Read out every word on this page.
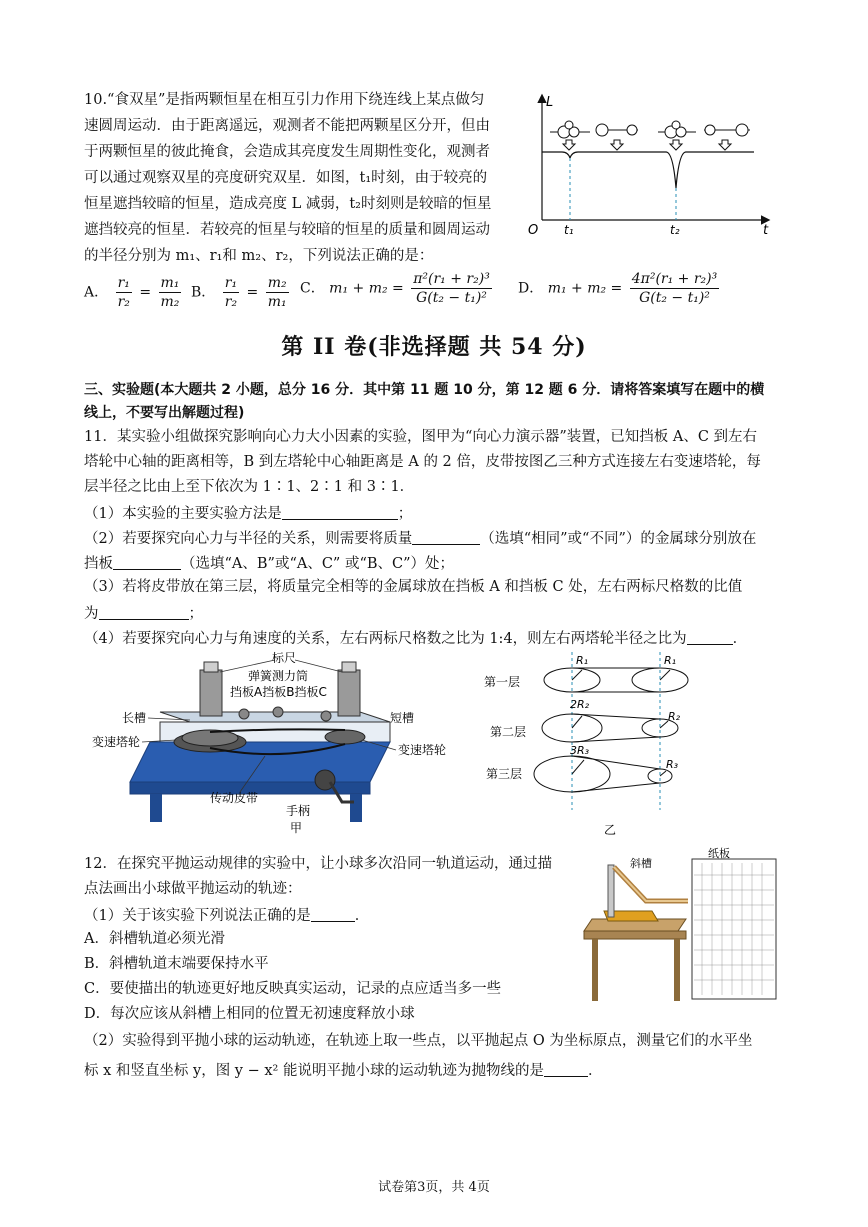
10.“食双星”是指两颗恒星在相互引力作用下绕连线上某点做匀
速圆周运动．由于距离遥远，观测者不能把两颗星区分开，但由
于两颗恒星的彼此掩食，会造成其亮度发生周期性变化，观测者
可以通过观察双星的亮度研究双星．如图，t₁时刻，由于较亮的
恒星遮挡较暗的恒星，造成亮度 L 减弱，t₂时刻则是较暗的恒星
遮挡较亮的恒星．若较亮的恒星与较暗的恒星的质量和圆周运动
的半径分别为 m₁、r₁和 m₂、r₂，下列说法正确的是：
L
t
O t₁	t₂
A． $\frac{\text{r₁}}{\text{r₂}} = \frac{\text{m₁}}{\text{m₂}}$ B． $\frac{\text{r₁}}{\text{r₂}} = \frac{\text{m₂}}{\text{m₁}}$ C． $m_1 + m_2 = \frac{\text{π²(r₁ + r₂)³}}{\text{G(t₂ − t₁)²}}$ D． $m_1 + m_2 = \frac{\text{4π²(r₁ + r₂)³}}{\text{G(t₂ − t₁)²}}$
第 II 卷(非选择题 共 54 分)
三、实验题(本大题共 2 小题，总分 16 分．其中第 11 题 10 分，第 12 题 6 分．请将答案填写在题中的横
线上，不要写出解题过程)
11．某实验小组做探究影响向心力大小因素的实验，图甲为“向心力演示器”装置，已知挡板 A、C 到左右
塔轮中心轴的距离相等，B 到左塔轮中心轴距离是 A 的 2 倍，皮带按图乙三种方式连接左右变速塔轮，每
层半径之比由上至下依次为 1∶1、2∶1 和 3∶1．
（1）本实验的主要实验方法是	；
（2）若要探究向心力与半径的关系，则需要将质量	（选填“相同”或“不同”）的金属球分别放在
挡板	（选填“A、B”或“A、C” 或“B、C”）处；
（3）若将皮带放在第三层，将质量完全相等的金属球放在挡板 A 和挡板 C 处，左右两标尺格数的比值
为	；
（4）若要探究向心力与角速度的关系，左右两标尺格数之比为 1:4，则左右两塔轮半径之比为	．
标尺
弹簧测力筒
挡板A挡板B挡板C
长槽	短槽
变速塔轮
变速塔轮
传动皮带
手柄
甲
第一层
第二层
第三层
R₁	R₁
2R₂
R₂
3R₃
R₃
乙
12．在探究平抛运动规律的实验中，让小球多次沿同一轨道运动，通过描
点法画出小球做平抛运动的轨迹：
（1）关于该实验下列说法正确的是	．
A．斜槽轨道必须光滑
B．斜槽轨道末端要保持水平
C．要使描出的轨迹更好地反映真实运动，记录的点应适当多一些
D．每次应该从斜槽上相同的位置无初速度释放小球
（2）实验得到平抛小球的运动轨迹，在轨迹上取一些点，以平抛起点 O 为坐标原点，测量它们的水平坐
标 x 和竖直坐标 y，图 y − x² 能说明平抛小球的运动轨迹为抛物线的是	．
斜槽
纸板
试卷第3页，共 4页
